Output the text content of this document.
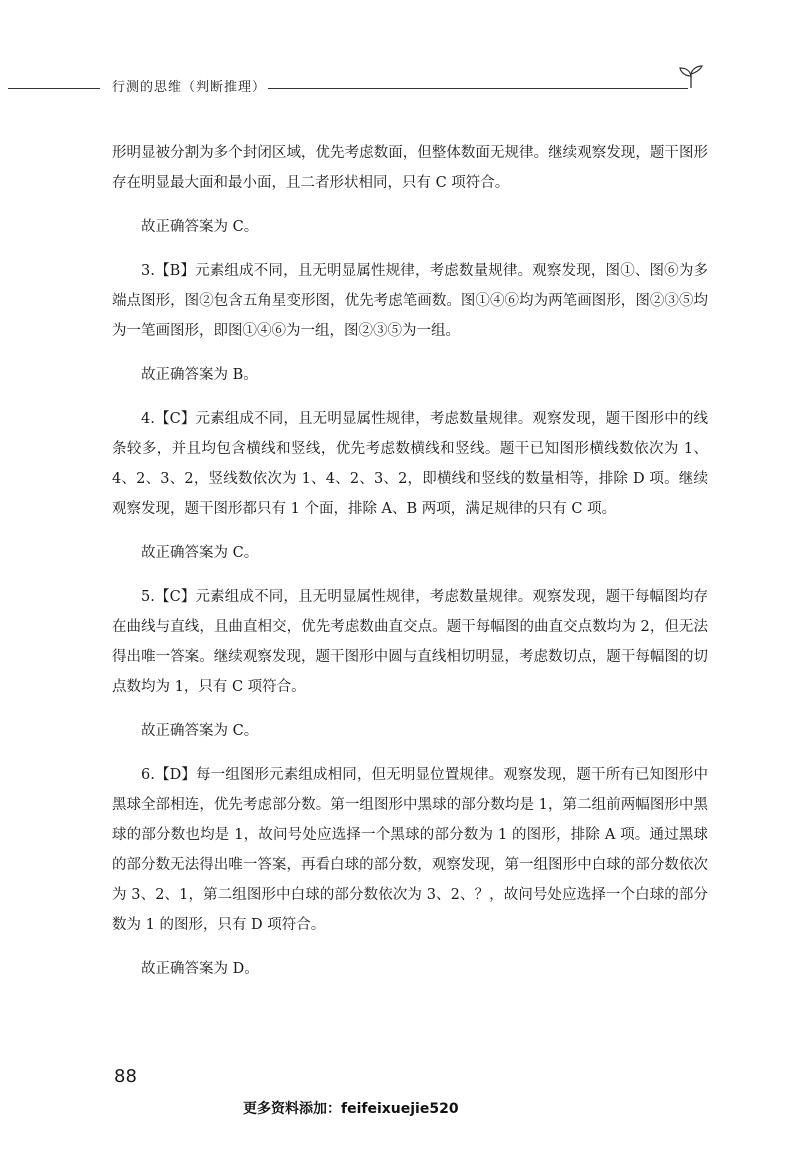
行测的思维（判断推理）

形明显被分割为多个封闭区域，优先考虑数面，但整体数面无规律。继续观察发现，题干图形存在明显最大面和最小面，且二者形状相同，只有 C 项符合。

故正确答案为 C。

3.【B】元素组成不同，且无明显属性规律，考虑数量规律。观察发现，图①、图⑥为多端点图形，图②包含五角星变形图，优先考虑笔画数。图①④⑥均为两笔画图形，图②③⑤均为一笔画图形，即图①④⑥为一组，图②③⑤为一组。

故正确答案为 B。

4.【C】元素组成不同，且无明显属性规律，考虑数量规律。观察发现，题干图形中的线条较多，并且均包含横线和竖线，优先考虑数横线和竖线。题干已知图形横线数依次为 1、4、2、3、2，竖线数依次为 1、4、2、3、2，即横线和竖线的数量相等，排除 D 项。继续观察发现，题干图形都只有 1 个面，排除 A、B 两项，满足规律的只有 C 项。

故正确答案为 C。

5.【C】元素组成不同，且无明显属性规律，考虑数量规律。观察发现，题干每幅图均存在曲线与直线，且曲直相交，优先考虑数曲直交点。题干每幅图的曲直交点数均为 2，但无法得出唯一答案。继续观察发现，题干图形中圆与直线相切明显，考虑数切点，题干每幅图的切点数均为 1，只有 C 项符合。

故正确答案为 C。

6.【D】每一组图形元素组成相同，但无明显位置规律。观察发现，题干所有已知图形中黑球全部相连，优先考虑部分数。第一组图形中黑球的部分数均是 1，第二组前两幅图形中黑球的部分数也均是 1，故问号处应选择一个黑球的部分数为 1 的图形，排除 A 项。通过黑球的部分数无法得出唯一答案，再看白球的部分数，观察发现，第一组图形中白球的部分数依次为 3、2、1，第二组图形中白球的部分数依次为 3、2、？，故问号处应选择一个白球的部分数为 1 的图形，只有 D 项符合。

故正确答案为 D。

88
更多资料添加：feifeixuejie520
